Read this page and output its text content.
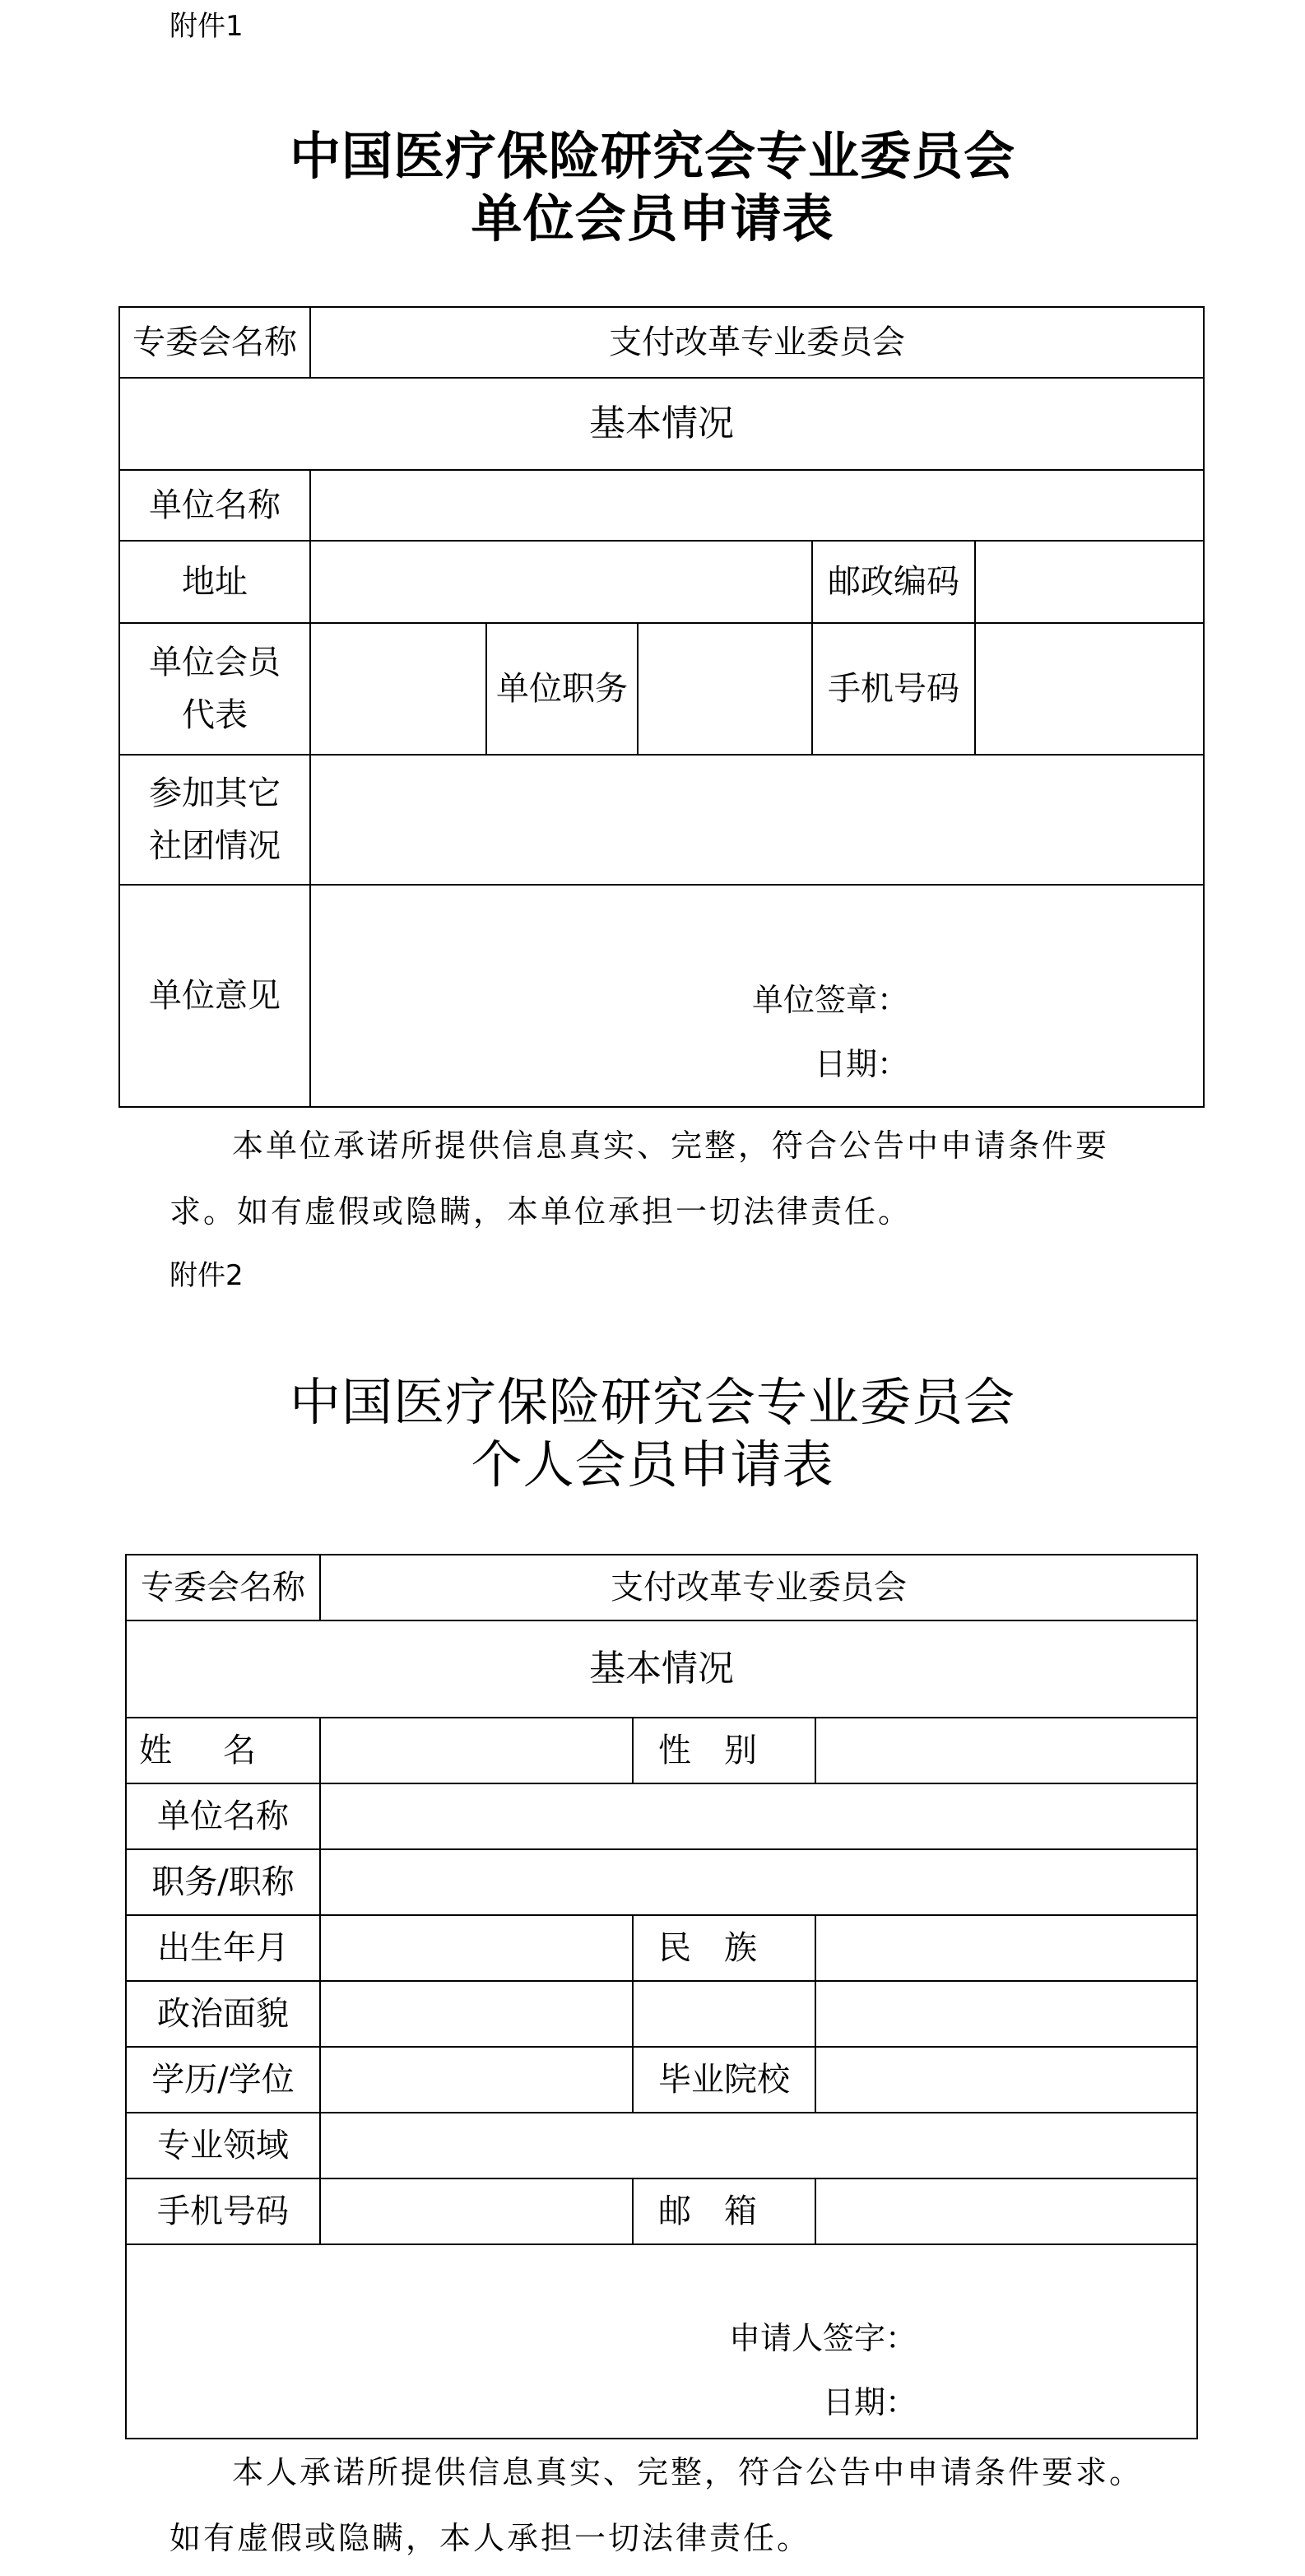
附件1
中国医疗保险研究会专业委员会
单位会员申请表
专委会名称	支付改革专业委员会				
基本情况					
单位名称					
地址				邮政编码	
单位会员
代表		单位职务		手机号码	
参加其它
社团情况					
单位意见	单位签章：
日期：				
本单位承诺所提供信息真实、完整，符合公告中申请条件要求。如有虚假或隐瞒，本单位承担一切法律责任。
附件2
中国医疗保险研究会专业委员会
个人会员申请表
专委会名称	支付改革专业委员会		
基本情况			
姓名		性别	
单位名称			
职务/职称			
出生年月		民族	
政治面貌			
学历/学位		毕业院校	
专业领域			
手机号码		邮箱	

申请人签字：
日期：			
本人承诺所提供信息真实、完整，符合公告中申请条件要求。如有虚假或隐瞒，本人承担一切法律责任。
